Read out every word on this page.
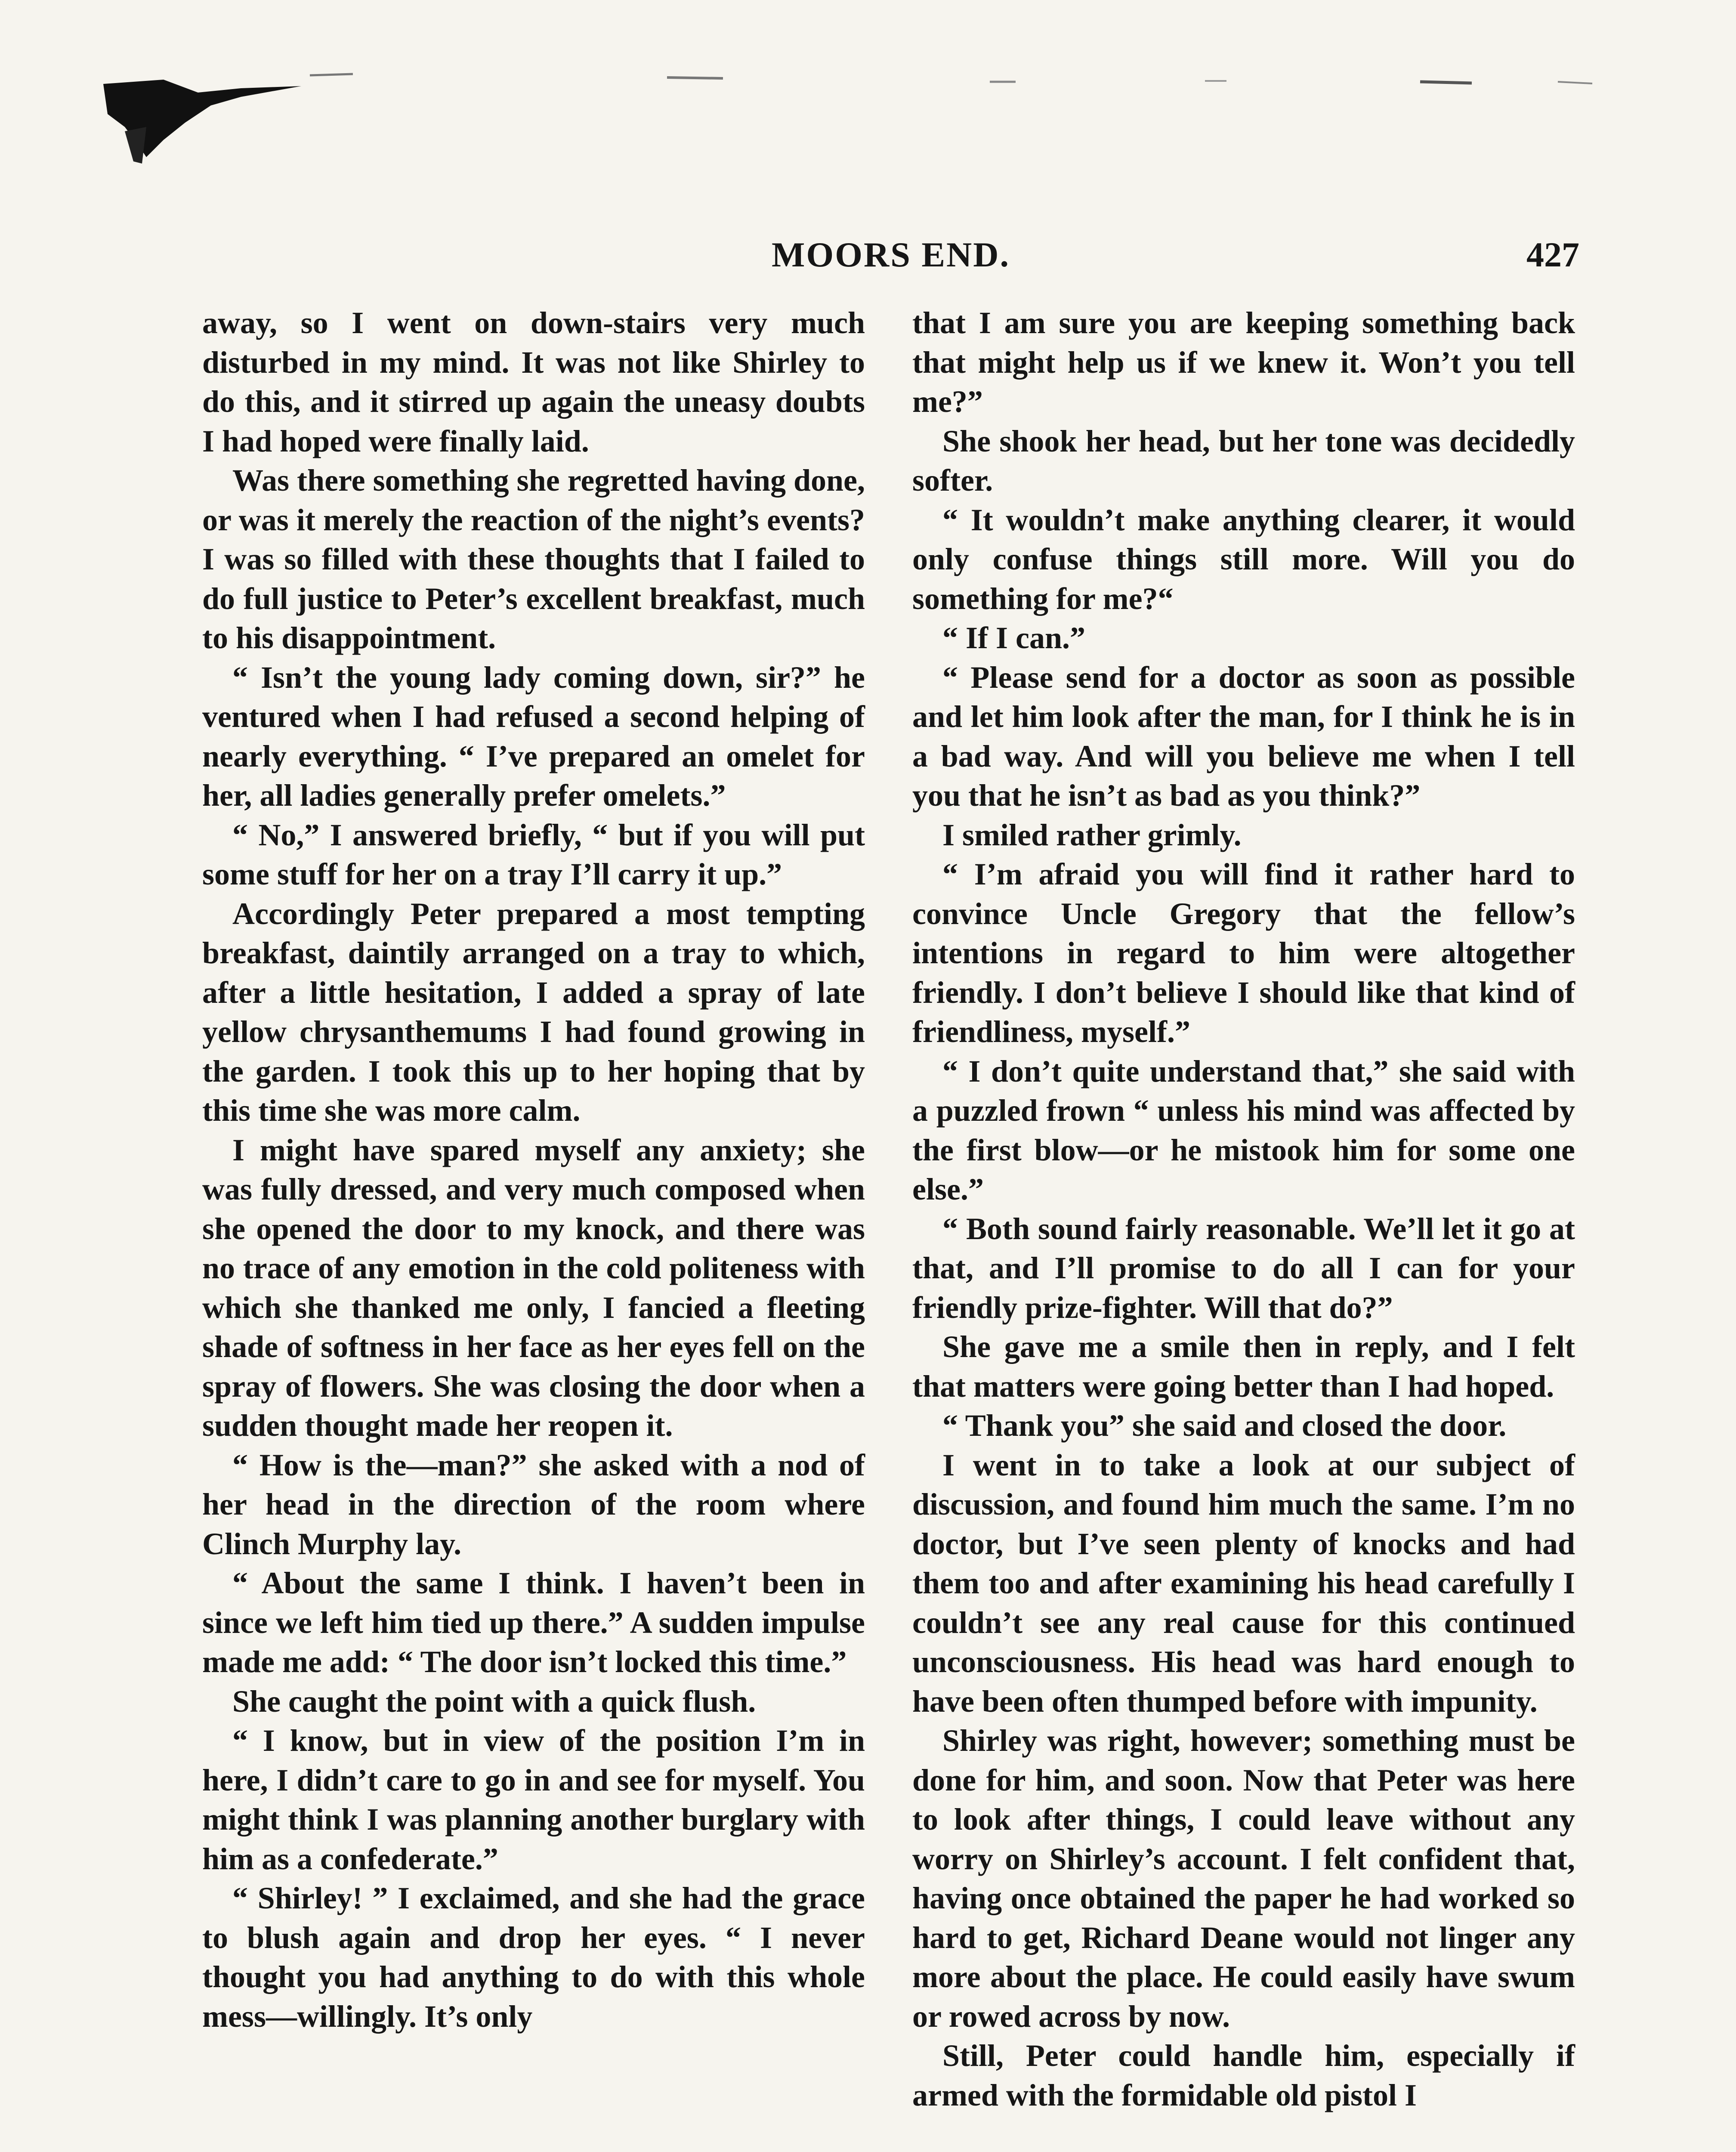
MOORS END.	427

away, so I went on down-stairs very much disturbed in my mind. It was not like Shirley to do this, and it stirred up again the uneasy doubts I had hoped were finally laid.

Was there something she regretted having done, or was it merely the reaction of the night’s events? I was so filled with these thoughts that I failed to do full justice to Peter’s excellent breakfast, much to his disappointment.

“ Isn’t the young lady coming down, sir?” he ventured when I had refused a second helping of nearly everything. “ I’ve prepared an omelet for her, all ladies generally prefer omelets.”

“ No,” I answered briefly, “ but if you will put some stuff for her on a tray I’ll carry it up.”

Accordingly Peter prepared a most tempting breakfast, daintily arranged on a tray to which, after a little hesitation, I added a spray of late yellow chrysanthemums I had found growing in the garden. I took this up to her hoping that by this time she was more calm.

I might have spared myself any anxiety; she was fully dressed, and very much composed when she opened the door to my knock, and there was no trace of any emotion in the cold politeness with which she thanked me only, I fancied a fleeting shade of softness in her face as her eyes fell on the spray of flowers. She was closing the door when a sudden thought made her reopen it.

“ How is the—man?” she asked with a nod of her head in the direction of the room where Clinch Murphy lay.

“ About the same I think. I haven’t been in since we left him tied up there.” A sudden impulse made me add: “ The door isn’t locked this time.”

She caught the point with a quick flush.

“ I know, but in view of the position I’m in here, I didn’t care to go in and see for myself. You might think I was planning another burglary with him as a confederate.”

“ Shirley! ” I exclaimed, and she had the grace to blush again and drop her eyes. “ I never thought you had anything to do with this whole mess—willingly. It’s only

that I am sure you are keeping something back that might help us if we knew it. Won’t you tell me?”

She shook her head, but her tone was decidedly softer.

“ It wouldn’t make anything clearer, it would only confuse things still more. Will you do something for me?“

“ If I can.”

“ Please send for a doctor as soon as possible and let him look after the man, for I think he is in a bad way. And will you believe me when I tell you that he isn’t as bad as you think?”

I smiled rather grimly.

“ I’m afraid you will find it rather hard to convince Uncle Gregory that the fellow’s intentions in regard to him were altogether friendly. I don’t believe I should like that kind of friendliness, myself.”

“ I don’t quite understand that,” she said with a puzzled frown “ unless his mind was affected by the first blow—or he mistook him for some one else.”

“ Both sound fairly reasonable. We’ll let it go at that, and I’ll promise to do all I can for your friendly prize-fighter. Will that do?”

She gave me a smile then in reply, and I felt that matters were going better than I had hoped.

“ Thank you” she said and closed the door.

I went in to take a look at our subject of discussion, and found him much the same. I’m no doctor, but I’ve seen plenty of knocks and had them too and after examining his head carefully I couldn’t see any real cause for this continued unconsciousness. His head was hard enough to have been often thumped before with impunity.

Shirley was right, however; something must be done for him, and soon. Now that Peter was here to look after things, I could leave without any worry on Shirley’s account. I felt confident that, having once obtained the paper he had worked so hard to get, Richard Deane would not linger any more about the place. He could easily have swum or rowed across by now.

Still, Peter could handle him, especially if armed with the formidable old pistol I
